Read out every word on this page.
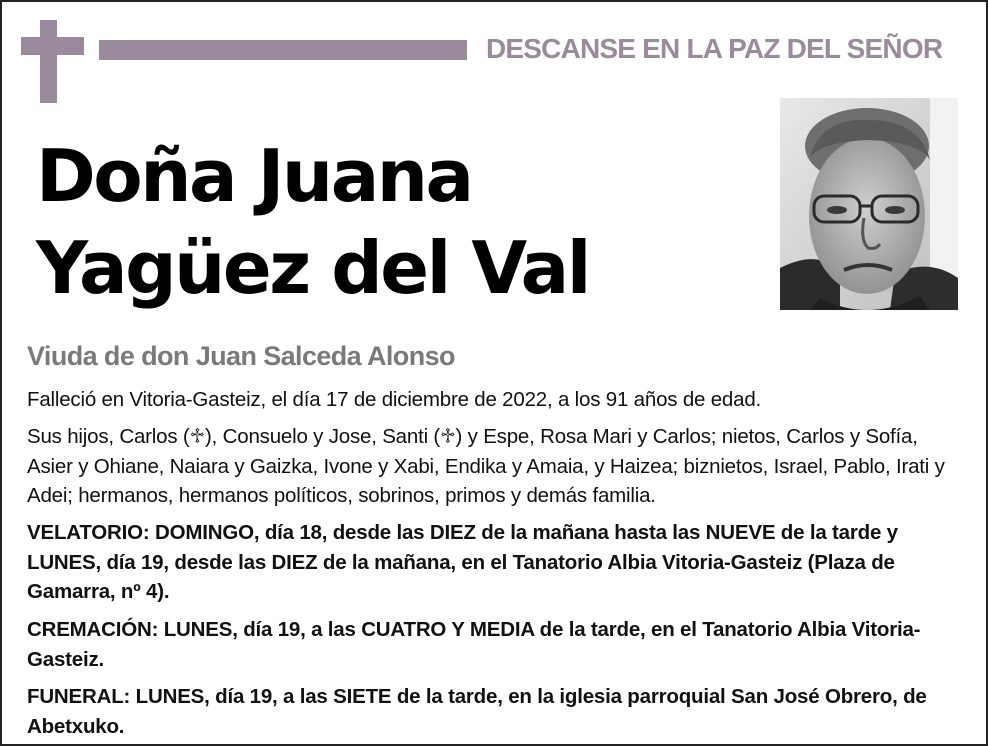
DESCANSE EN LA PAZ DEL SEÑOR
Doña Juana
Yagüez del Val
Viuda de don Juan Salceda Alonso
Falleció en Vitoria-Gasteiz, el día 17 de diciembre de 2022, a los 91 años de edad.
Sus hijos, Carlos (♱), Consuelo y Jose, Santi (♱) y Espe, Rosa Mari y Carlos; nietos, Carlos y Sofía, Asier y Ohiane, Naiara y Gaizka, Ivone y Xabi, Endika y Amaia, y Haizea; biznietos, Israel, Pablo, Irati y Adei; hermanos, hermanos políticos, sobrinos, primos y demás familia.
VELATORIO: DOMINGO, día 18, desde las DIEZ de la mañana hasta las NUEVE de la tarde y LUNES, día 19, desde las DIEZ de la mañana, en el Tanatorio Albia Vitoria-Gasteiz (Plaza de Gamarra, nº 4).
CREMACIÓN: LUNES, día 19, a las CUATRO Y MEDIA de la tarde, en el Tanatorio Albia Vitoria-Gasteiz.
FUNERAL: LUNES, día 19, a las SIETE de la tarde, en la iglesia parroquial San José Obrero, de Abetxuko.
